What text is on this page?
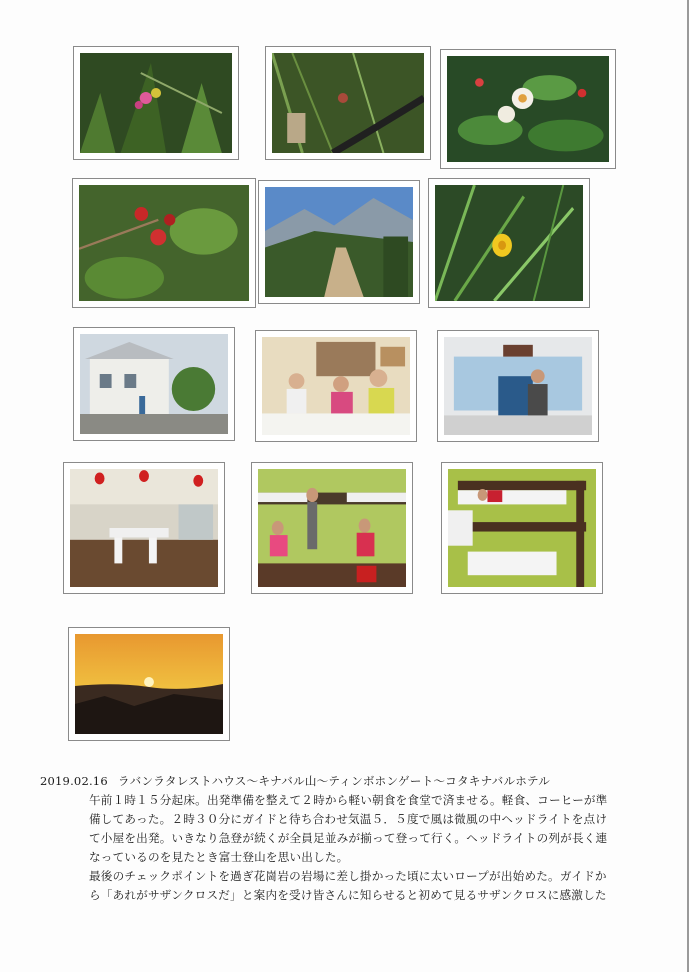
2019.02.16 ラバンラタレストハウス〜キナバル山〜ティンボホンゲート〜コタキナバルホテル

午前１時１５分起床。出発準備を整えて２時から軽い朝食を食堂で済ませる。軽食、コーヒーが準

備してあった。２時３０分にガイドと待ち合わせ気温５．５度で風は微風の中ヘッドライトを点け

て小屋を出発。いきなり急登が続くが全員足並みが揃って登って行く。ヘッドライトの列が長く連

なっているのを見たとき富士登山を思い出した。

最後のチェックポイントを過ぎ花崗岩の岩場に差し掛かった頃に太いロープが出始めた。ガイドか

ら「あれがサザンクロスだ」と案内を受け皆さんに知らせると初めて見るサザンクロスに感激した
